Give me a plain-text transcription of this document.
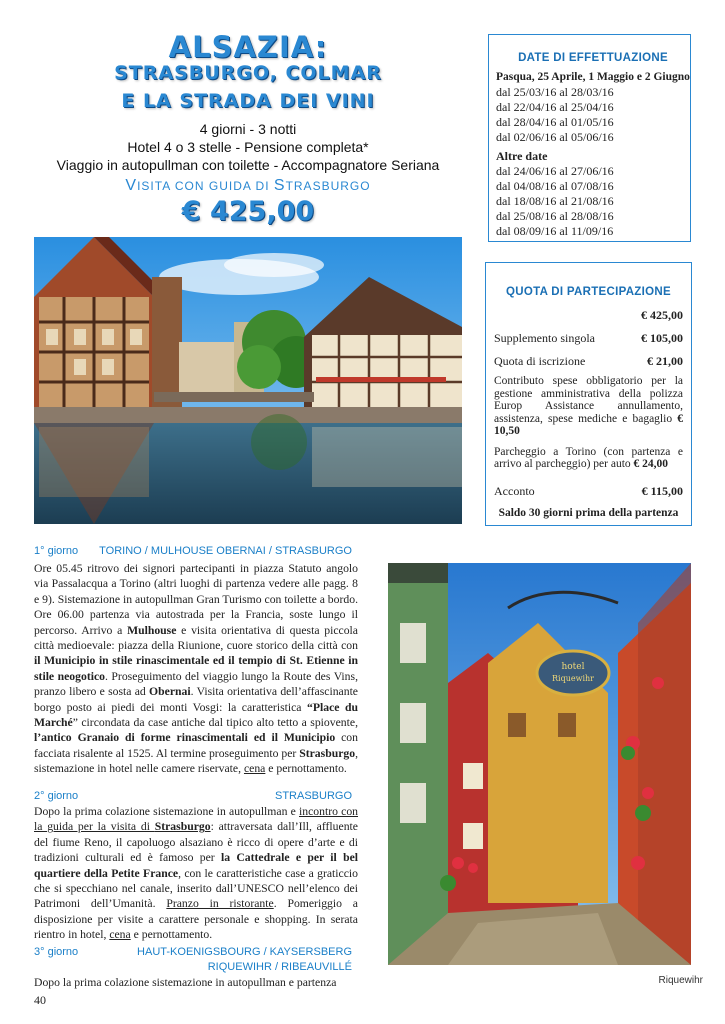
ALSAZIA:
STRASBURGO, COLMAR
E LA STRADA DEI VINI
4 giorni - 3 notti
Hotel 4 o 3 stelle - Pensione completa*
Viaggio in autopullman con toilette - Accompagnatore Seriana
VISITA CON GUIDA DI STRASBURGO
€ 425,00
DATE DI EFFETTUAZIONE
Pasqua, 25 Aprile, 1 Maggio e 2 Giugno
dal 25/03/16 al 28/03/16
dal 22/04/16 al 25/04/16
dal 28/04/16 al 01/05/16
dal 02/06/16 al 05/06/16
Altre date
dal 24/06/16 al 27/06/16
dal 04/08/16 al 07/08/16
dal 18/08/16 al 21/08/16
dal 25/08/16 al 28/08/16
dal 08/09/16 al 11/09/16
QUOTA DI PARTECIPAZIONE
€ 425,00
Supplemento singola	€ 105,00
Quota di iscrizione	€ 21,00
Contributo spese obbligatorio per la gestione amministrativa della polizza Europ Assistance annullamento, assistenza, spese mediche e bagaglio € 10,50
Parcheggio a Torino (con partenza e arrivo al parcheggio) per auto € 24,00
Acconto	€ 115,00
Saldo 30 giorni prima della partenza
hotel
Riquewihr
1° giorno TORINO / MULHOUSE OBERNAI / STRASBURGO
Ore 05.45 ritrovo dei signori partecipanti in piazza Statuto angolo via Passalacqua a Torino (altri luoghi di partenza vedere alle pagg. 8 e 9). Sistemazione in autopullman Gran Turismo con toilette a bordo. Ore 06.00 partenza via autostrada per la Francia, soste lungo il percorso. Arrivo a Mulhouse e visita orientativa di questa piccola città medioevale: piazza della Riunione, cuore storico della città con il Municipio in stile rinascimentale ed il tempio di St. Etienne in stile neogotico. Proseguimento del viaggio lungo la Route des Vins, pranzo libero e sosta ad Obernai. Visita orientativa dell’affascinante borgo posto ai piedi dei monti Vosgi: la caratteristica “Place du Marché” circondata da case antiche dal tipico alto tetto a spiovente, l’antico Granaio di forme rinascimentali ed il Municipio con facciata risalente al 1525. Al termine proseguimento per Strasburgo, sistemazione in hotel nelle camere riservate, cena e pernottamento.
2° giorno	STRASBURGO
Dopo la prima colazione sistemazione in autopullman e incontro con la guida per la visita di Strasburgo: attraversata dall’Ill, affluente del fiume Reno, il capoluogo alsaziano è ricco di opere d’arte e di tradizioni culturali ed è famoso per la Cattedrale e per il bel quartiere della Petite France, con le caratteristiche case a graticcio che si specchiano nel canale, inserito dall’UNESCO nell’elenco dei Patrimoni dell’Umanità. Pranzo in ristorante. Pomeriggio a disposizione per visite a carattere personale e shopping. In serata rientro in hotel, cena e pernottamento.
3° giorno	HAUT-KOENIGSBOURG / KAYSERSBERG
RIQUEWIHR / RIBEAUVILLÉ
Dopo la prima colazione sistemazione in autopullman e partenza
40
Riquewihr
